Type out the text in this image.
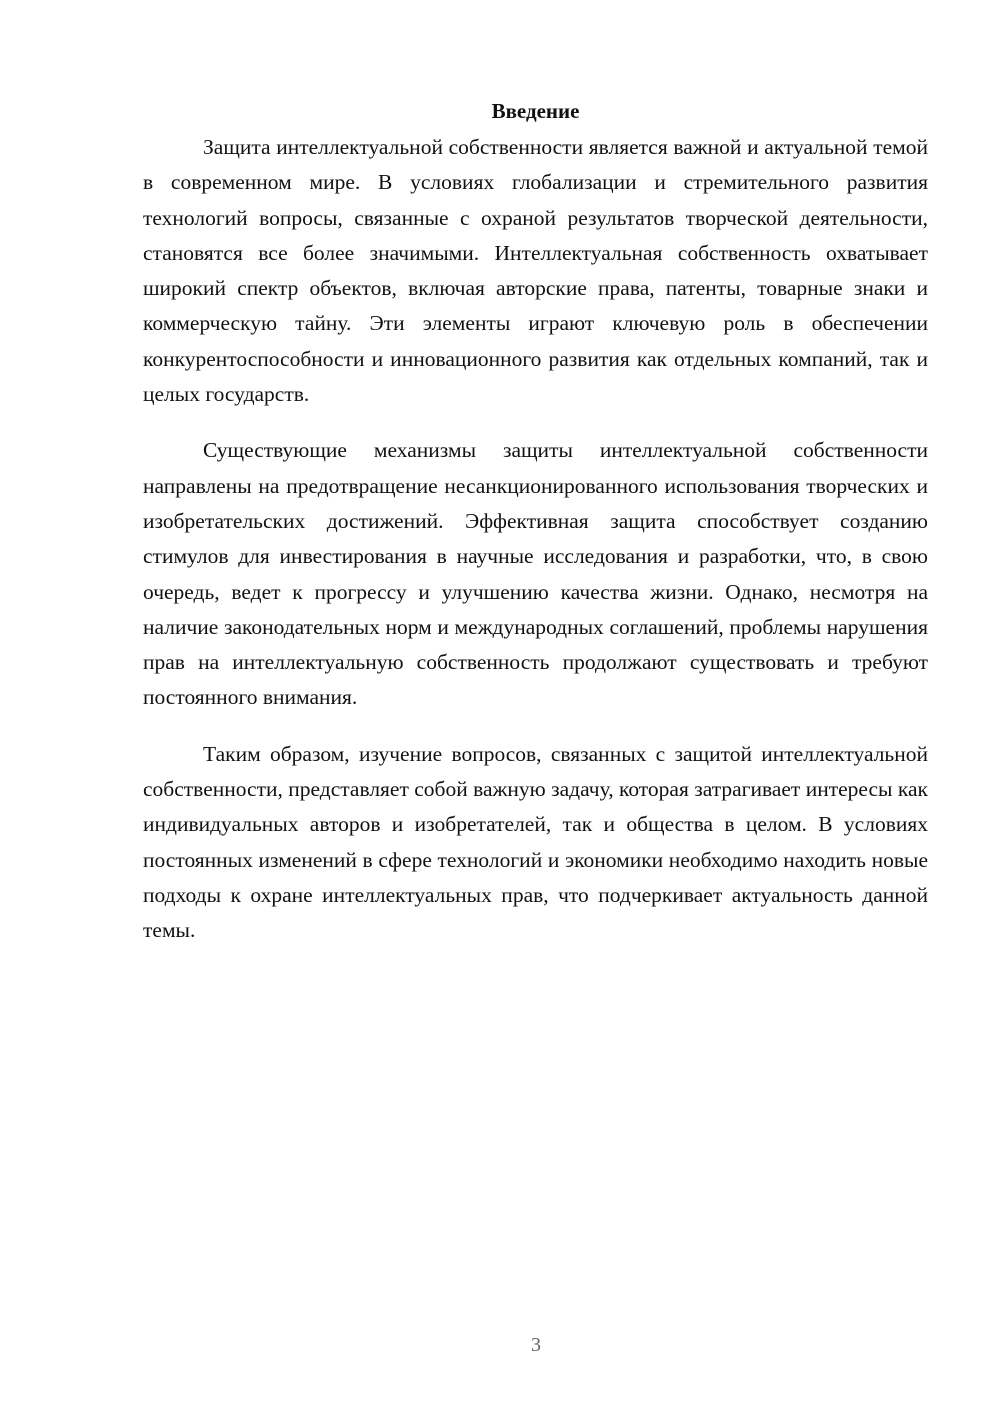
Введение

Защита интеллектуальной собственности является важной и актуальной темой в современном мире. В условиях глобализации и стремительного развития технологий вопросы, связанные с охраной результатов творческой деятельности, становятся все более значимыми. Интеллектуальная собственность охватывает широкий спектр объектов, включая авторские права, патенты, товарные знаки и коммерческую тайну. Эти элементы играют ключевую роль в обеспечении конкурентоспособности и инновационного развития как отдельных компаний, так и целых государств.

Существующие механизмы защиты интеллектуальной собственности направлены на предотвращение несанкционированного использования творческих и изобретательских достижений. Эффективная защита способствует созданию стимулов для инвестирования в научные исследования и разработки, что, в свою очередь, ведет к прогрессу и улучшению качества жизни. Однако, несмотря на наличие законодательных норм и международных соглашений, проблемы нарушения прав на интеллектуальную собственность продолжают существовать и требуют постоянного внимания.

Таким образом, изучение вопросов, связанных с защитой интеллектуальной собственности, представляет собой важную задачу, которая затрагивает интересы как индивидуальных авторов и изобретателей, так и общества в целом. В условиях постоянных изменений в сфере технологий и экономики необходимо находить новые подходы к охране интеллектуальных прав, что подчеркивает актуальность данной темы.

3
